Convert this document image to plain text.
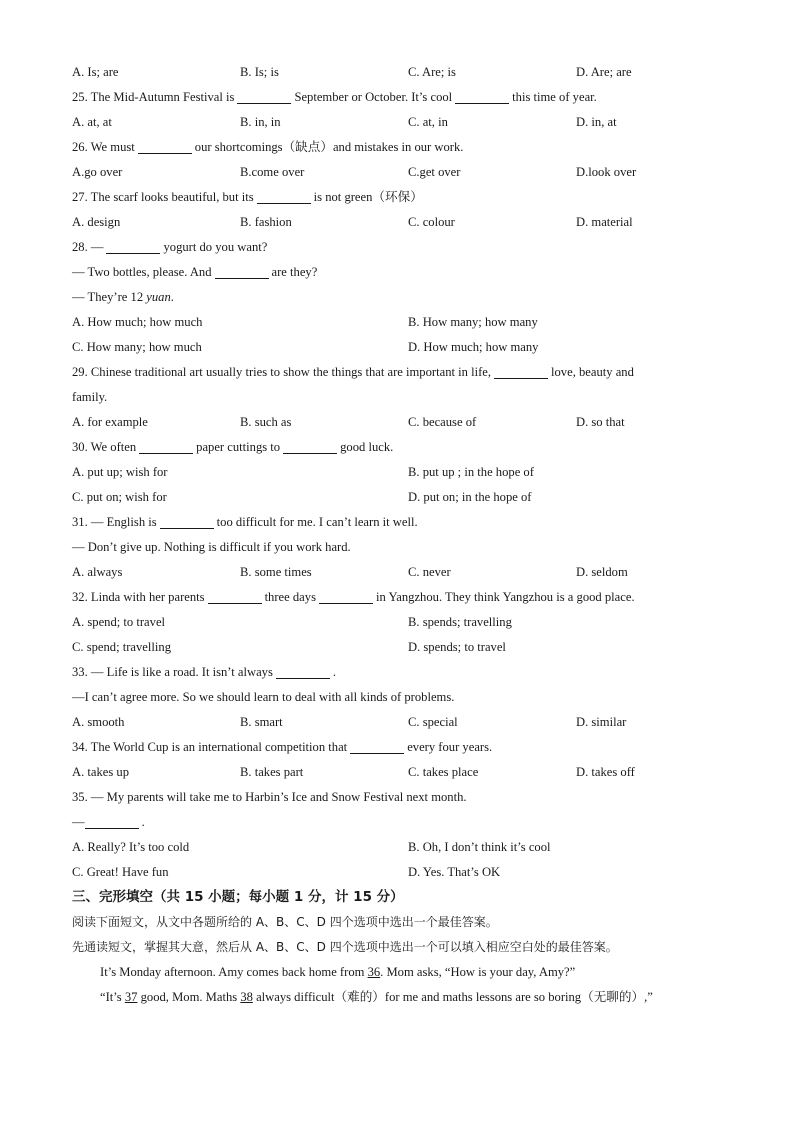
A. Is; are	B. Is; is	C. Are; is	D. Are; are
25. The Mid-Autumn Festival is	September or October. It’s cool	this time of year.
A. at, at	B. in, in	C. at, in	D. in, at
26. We must	our shortcomings（缺点）and mistakes in our work.
A.go over	B.come over	C.get over	D.look over
27. The scarf looks beautiful, but its	is not green（环保）
A. design	B. fashion	C. colour	D. material
28. —	yogurt do you want?
— Two bottles, please. And	are they?
— They’re 12 yuan.
A. How much; how much	B. How many; how many
C. How many; how much	D. How much; how many
29. Chinese traditional art usually tries to show the things that are important in life,	love, beauty and
family.
A. for example	B. such as	C. because of	D. so that
30. We often	paper cuttings to	good luck.
A. put up; wish for	B. put up ; in the hope of
C. put on; wish for	D. put on; in the hope of
31. — English is	too difficult for me. I can’t learn it well.
— Don’t give up. Nothing is difficult if you work hard.
A. always	B. some times	C. never	D. seldom
32. Linda with her parents	three days	in Yangzhou. They think Yangzhou is a good place.
A. spend; to travel	B. spends; travelling
C. spend; travelling	D. spends; to travel
33. — Life is like a road. It isn’t always	.
—I can’t agree more. So we should learn to deal with all kinds of problems.
A. smooth	B. smart	C. special	D. similar
34. The World Cup is an international competition that	every four years.
A. takes up	B. takes part	C. takes place	D. takes off
35. — My parents will take me to Harbin’s Ice and Snow Festival next month.
—	.
A. Really? It’s too cold	B. Oh, I don’t think it’s cool
C. Great! Have fun	D. Yes. That’s OK
三、完形填空（共 15 小题；每小题 1 分，计 15 分）
阅读下面短文，从文中各题所给的 A、B、C、D 四个选项中选出一个最佳答案。
先通读短文，掌握其大意，然后从 A、B、C、D 四个选项中选出一个可以填入相应空白处的最佳答案。
It’s Monday afternoon. Amy comes back home from 36. Mom asks, “How is your day, Amy?”
“It’s 37 good, Mom. Maths 38 always difficult（难的）for me and maths lessons are so boring（无聊的）,”
